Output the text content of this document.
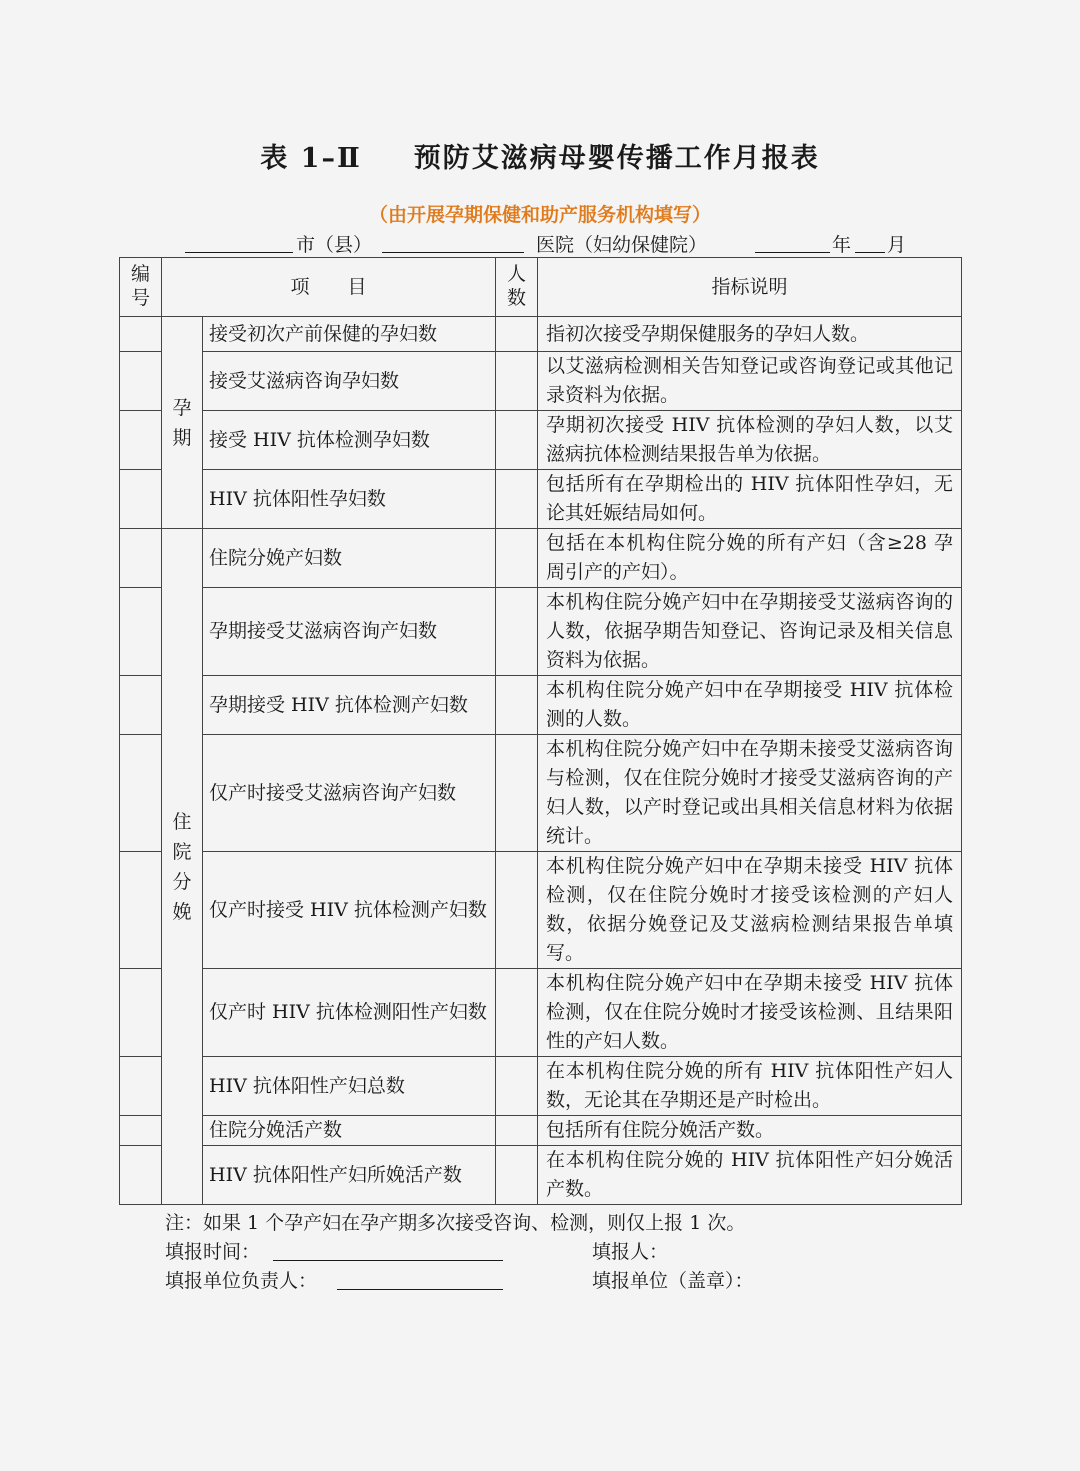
表 1–Ⅱ 预防艾滋病母婴传播工作月报表
（由开展孕期保健和助产服务机构填写）
市（县）	医院（妇幼保健院）	年 月
编号	项　　目		人数	指标说明
	孕期	接受初次产前保健的孕妇数		指初次接受孕期保健服务的孕妇人数。
		接受艾滋病咨询孕妇数		以艾滋病检测相关告知登记或咨询登记或其他记录资料为依据。
		接受 HIV 抗体检测孕妇数		孕期初次接受 HIV 抗体检测的孕妇人数，以艾滋病抗体检测结果报告单为依据。
		HIV 抗体阳性孕妇数		包括所有在孕期检出的 HIV 抗体阳性孕妇，无论其妊娠结局如何。
	住院分娩	住院分娩产妇数		包括在本机构住院分娩的所有产妇（含≥28 孕周引产的产妇）。
		孕期接受艾滋病咨询产妇数		本机构住院分娩产妇中在孕期接受艾滋病咨询的人数，依据孕期告知登记、咨询记录及相关信息资料为依据。
		孕期接受 HIV 抗体检测产妇数		本机构住院分娩产妇中在孕期接受 HIV 抗体检测的人数。
		仅产时接受艾滋病咨询产妇数		本机构住院分娩产妇中在孕期未接受艾滋病咨询与检测，仅在住院分娩时才接受艾滋病咨询的产妇人数，以产时登记或出具相关信息材料为依据统计。
		仅产时接受 HIV 抗体检测产妇数		本机构住院分娩产妇中在孕期未接受 HIV 抗体检测，仅在住院分娩时才接受该检测的产妇人数，依据分娩登记及艾滋病检测结果报告单填写。
		仅产时 HIV 抗体检测阳性产妇数		本机构住院分娩产妇中在孕期未接受 HIV 抗体检测，仅在住院分娩时才接受该检测、且结果阳性的产妇人数。
		HIV 抗体阳性产妇总数		在本机构住院分娩的所有 HIV 抗体阳性产妇人数，无论其在孕期还是产时检出。
		住院分娩活产数		包括所有住院分娩活产数。
		HIV 抗体阳性产妇所娩活产数		在本机构住院分娩的 HIV 抗体阳性产妇分娩活产数。
注：如果 1 个孕产妇在孕产期多次接受咨询、检测，则仅上报 1 次。
填报时间：	填报人：
填报单位负责人：	填报单位（盖章）：
